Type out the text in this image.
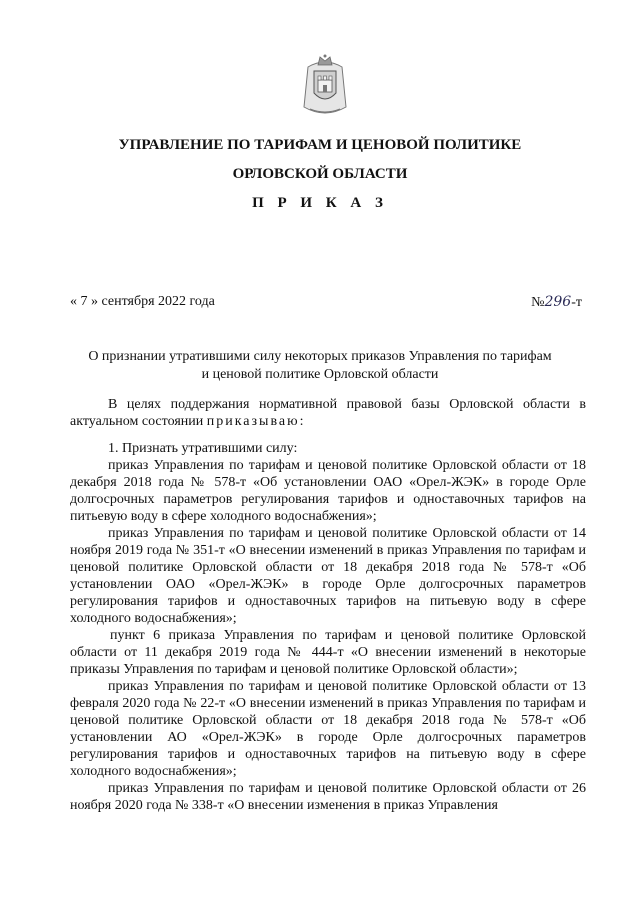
УПРАВЛЕНИЕ ПО ТАРИФАМ И ЦЕНОВОЙ ПОЛИТИКЕ
ОРЛОВСКОЙ ОБЛАСТИ
П Р И К А З
« 7 » сентября 2022 года	№296-т
О признании утратившими силу некоторых приказов Управления по тарифам
и ценовой политике Орловской области

В целях поддержания нормативной правовой базы Орловской области в актуальном состоянии приказываю:

1. Признать утратившими силу:

приказ Управления по тарифам и ценовой политике Орловской области от 18 декабря 2018 года № 578-т «Об установлении ОАО «Орел-ЖЭК» в городе Орле долгосрочных параметров регулирования тарифов и одноставочных тарифов на питьевую воду в сфере холодного водоснабжения»;

приказ Управления по тарифам и ценовой политике Орловской области от 14 ноября 2019 года № 351-т «О внесении изменений в приказ Управления по тарифам и ценовой политике Орловской области от 18 декабря 2018 года № 578-т «Об установлении ОАО «Орел-ЖЭК» в городе Орле долгосрочных параметров регулирования тарифов и одноставочных тарифов на питьевую воду в сфере холодного водоснабжения»;

пункт 6 приказа Управления по тарифам и ценовой политике Орловской области от 11 декабря 2019 года № 444-т «О внесении изменений в некоторые приказы Управления по тарифам и ценовой политике Орловской области»;

приказ Управления по тарифам и ценовой политике Орловской области от 13 февраля 2020 года № 22-т «О внесении изменений в приказ Управления по тарифам и ценовой политике Орловской области от 18 декабря 2018 года № 578-т «Об установлении АО «Орел-ЖЭК» в городе Орле долгосрочных параметров регулирования тарифов и одноставочных тарифов на питьевую воду в сфере холодного водоснабжения»;

приказ Управления по тарифам и ценовой политике Орловской области от 26 ноября 2020 года № 338-т «О внесении изменения в приказ Управления
